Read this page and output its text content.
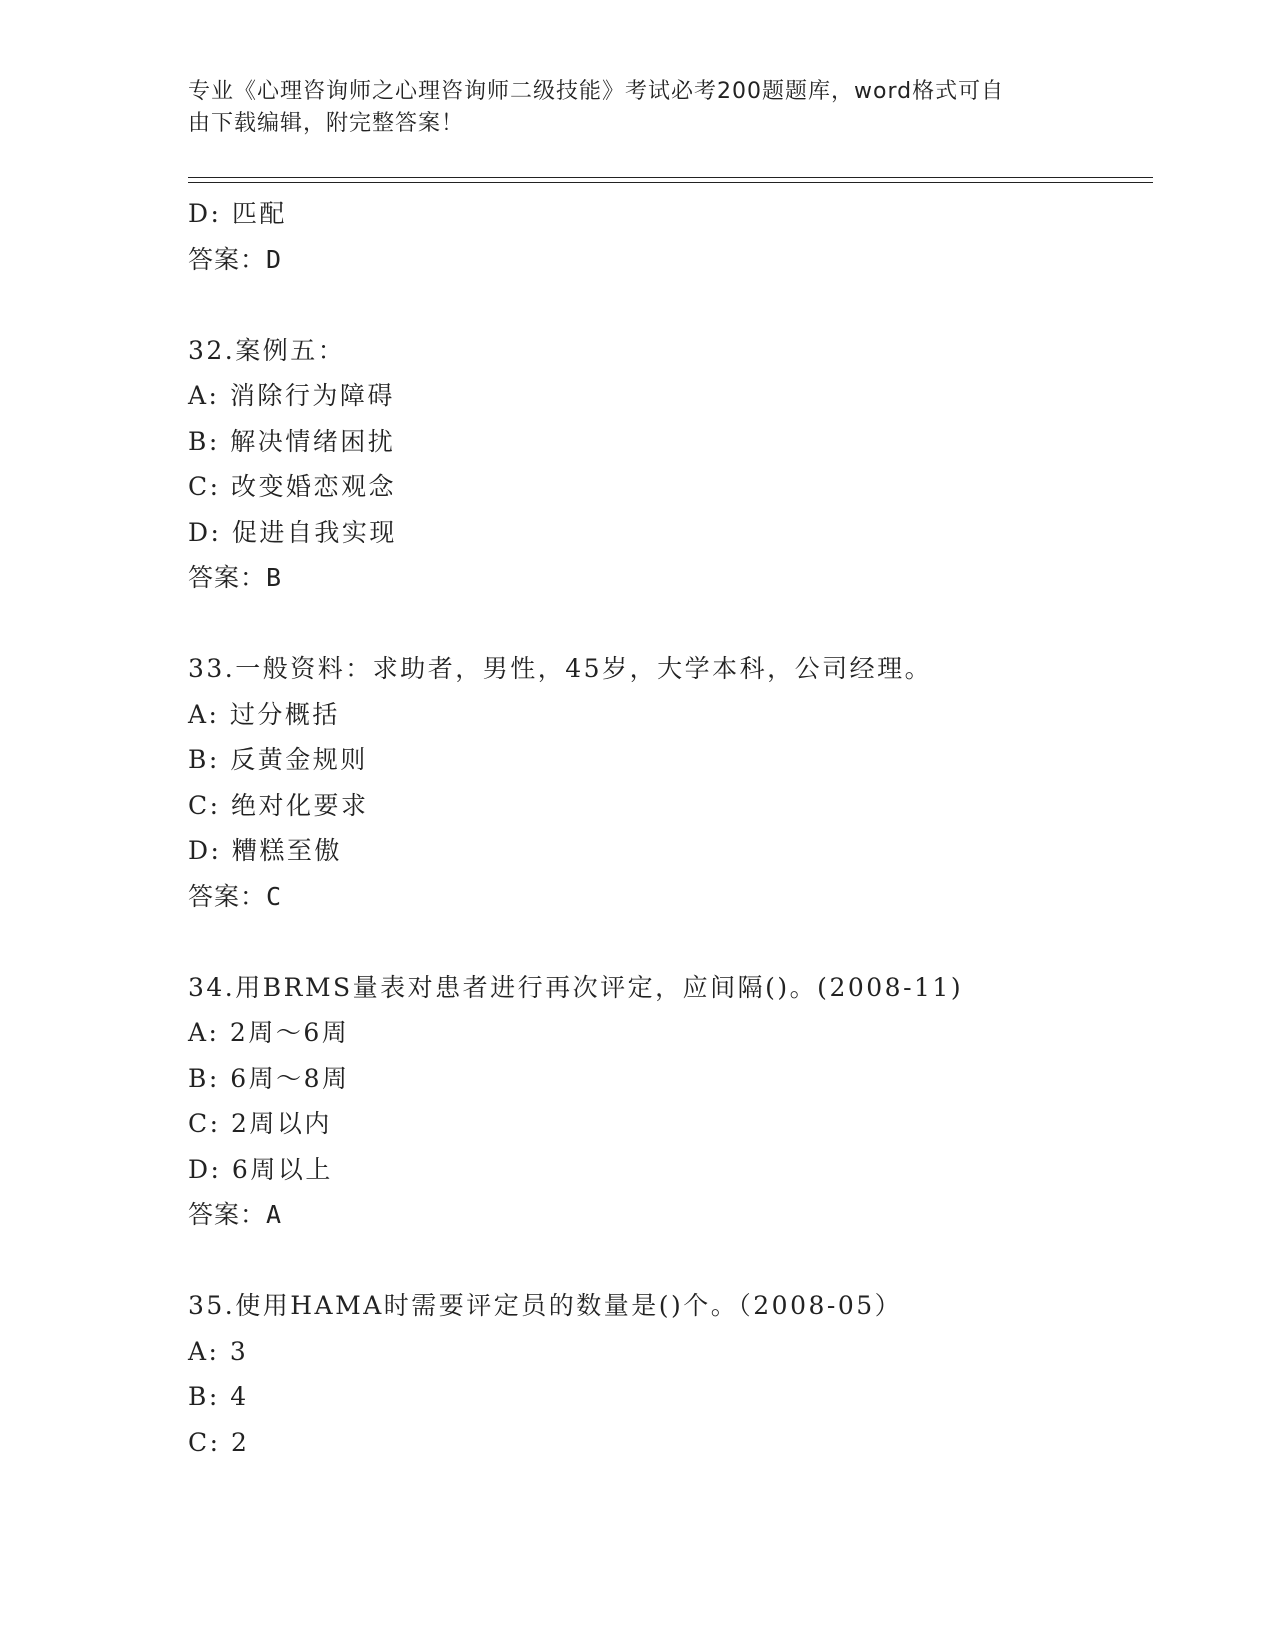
专业《心理咨询师之心理咨询师二级技能》考试必考200题题库，word格式可自
由下载编辑，附完整答案！
D: 匹配
答案：D
32.案例五：
A: 消除行为障碍
B: 解决情绪困扰
C: 改变婚恋观念
D: 促进自我实现
答案：B
33.一般资料：求助者，男性，45岁，大学本科，公司经理。
A: 过分概括
B: 反黄金规则
C: 绝对化要求
D: 糟糕至傲
答案：C
34.用BRMS量表对患者进行再次评定，应间隔()。(2008-11)
A: 2周～6周
B: 6周～8周
C: 2周以内
D: 6周以上
答案：A
35.使用HAMA时需要评定员的数量是()个。（2008-05）
A: 3
B: 4
C: 2
